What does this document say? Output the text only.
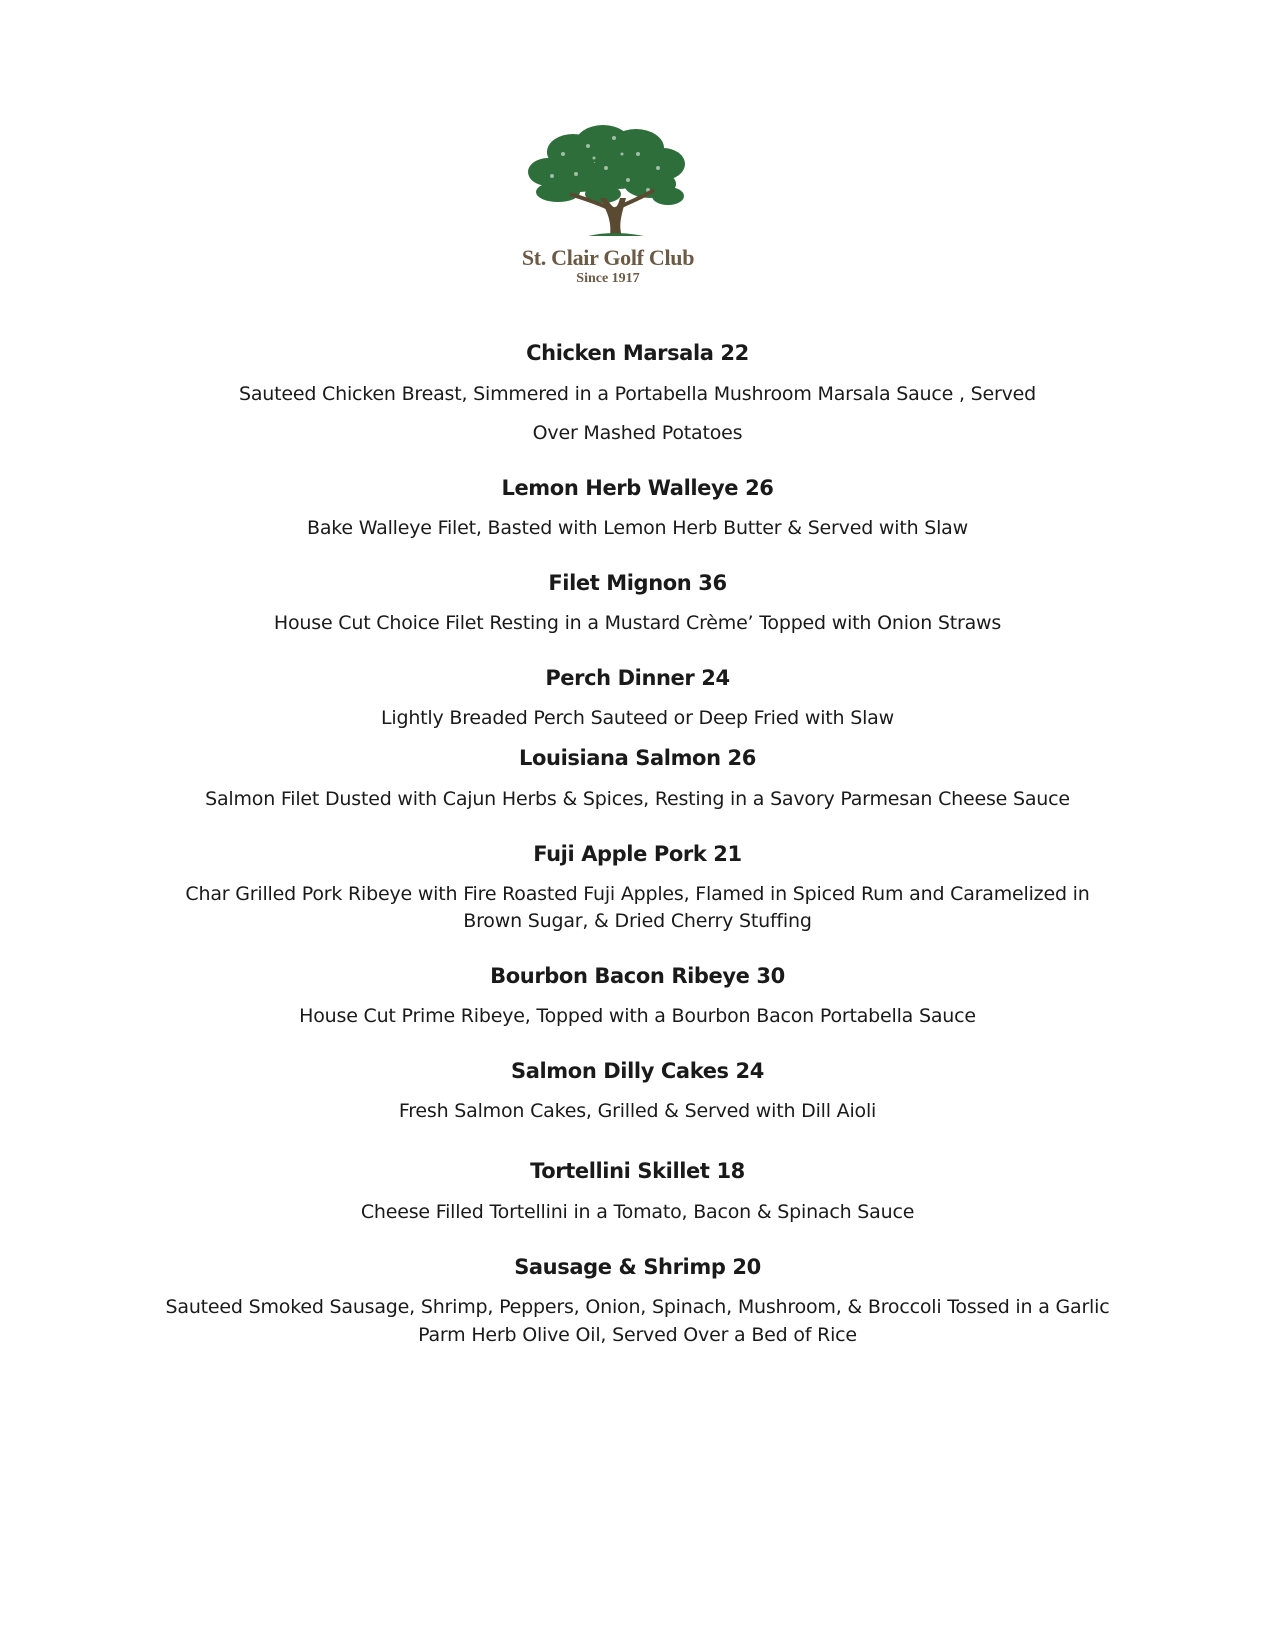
St. Clair Golf Club
Since 1917
Chicken Marsala 22
Sauteed Chicken Breast, Simmered in a Portabella Mushroom Marsala Sauce , Served
Over Mashed Potatoes
Lemon Herb Walleye 26
Bake Walleye Filet, Basted with Lemon Herb Butter & Served with Slaw
Filet Mignon 36
House Cut Choice Filet Resting in a Mustard Crème’ Topped with Onion Straws
Perch Dinner 24
Lightly Breaded Perch Sauteed or Deep Fried with Slaw
Louisiana Salmon 26
Salmon Filet Dusted with Cajun Herbs & Spices, Resting in a Savory Parmesan Cheese Sauce
Fuji Apple Pork 21
Char Grilled Pork Ribeye with Fire Roasted Fuji Apples, Flamed in Spiced Rum and Caramelized in
Brown Sugar, & Dried Cherry Stuffing
Bourbon Bacon Ribeye 30
House Cut Prime Ribeye, Topped with a Bourbon Bacon Portabella Sauce
Salmon Dilly Cakes 24
Fresh Salmon Cakes, Grilled & Served with Dill Aioli
Tortellini Skillet 18
Cheese Filled Tortellini in a Tomato, Bacon & Spinach Sauce
Sausage & Shrimp 20
Sauteed Smoked Sausage, Shrimp, Peppers, Onion, Spinach, Mushroom, & Broccoli Tossed in a Garlic
Parm Herb Olive Oil, Served Over a Bed of Rice
